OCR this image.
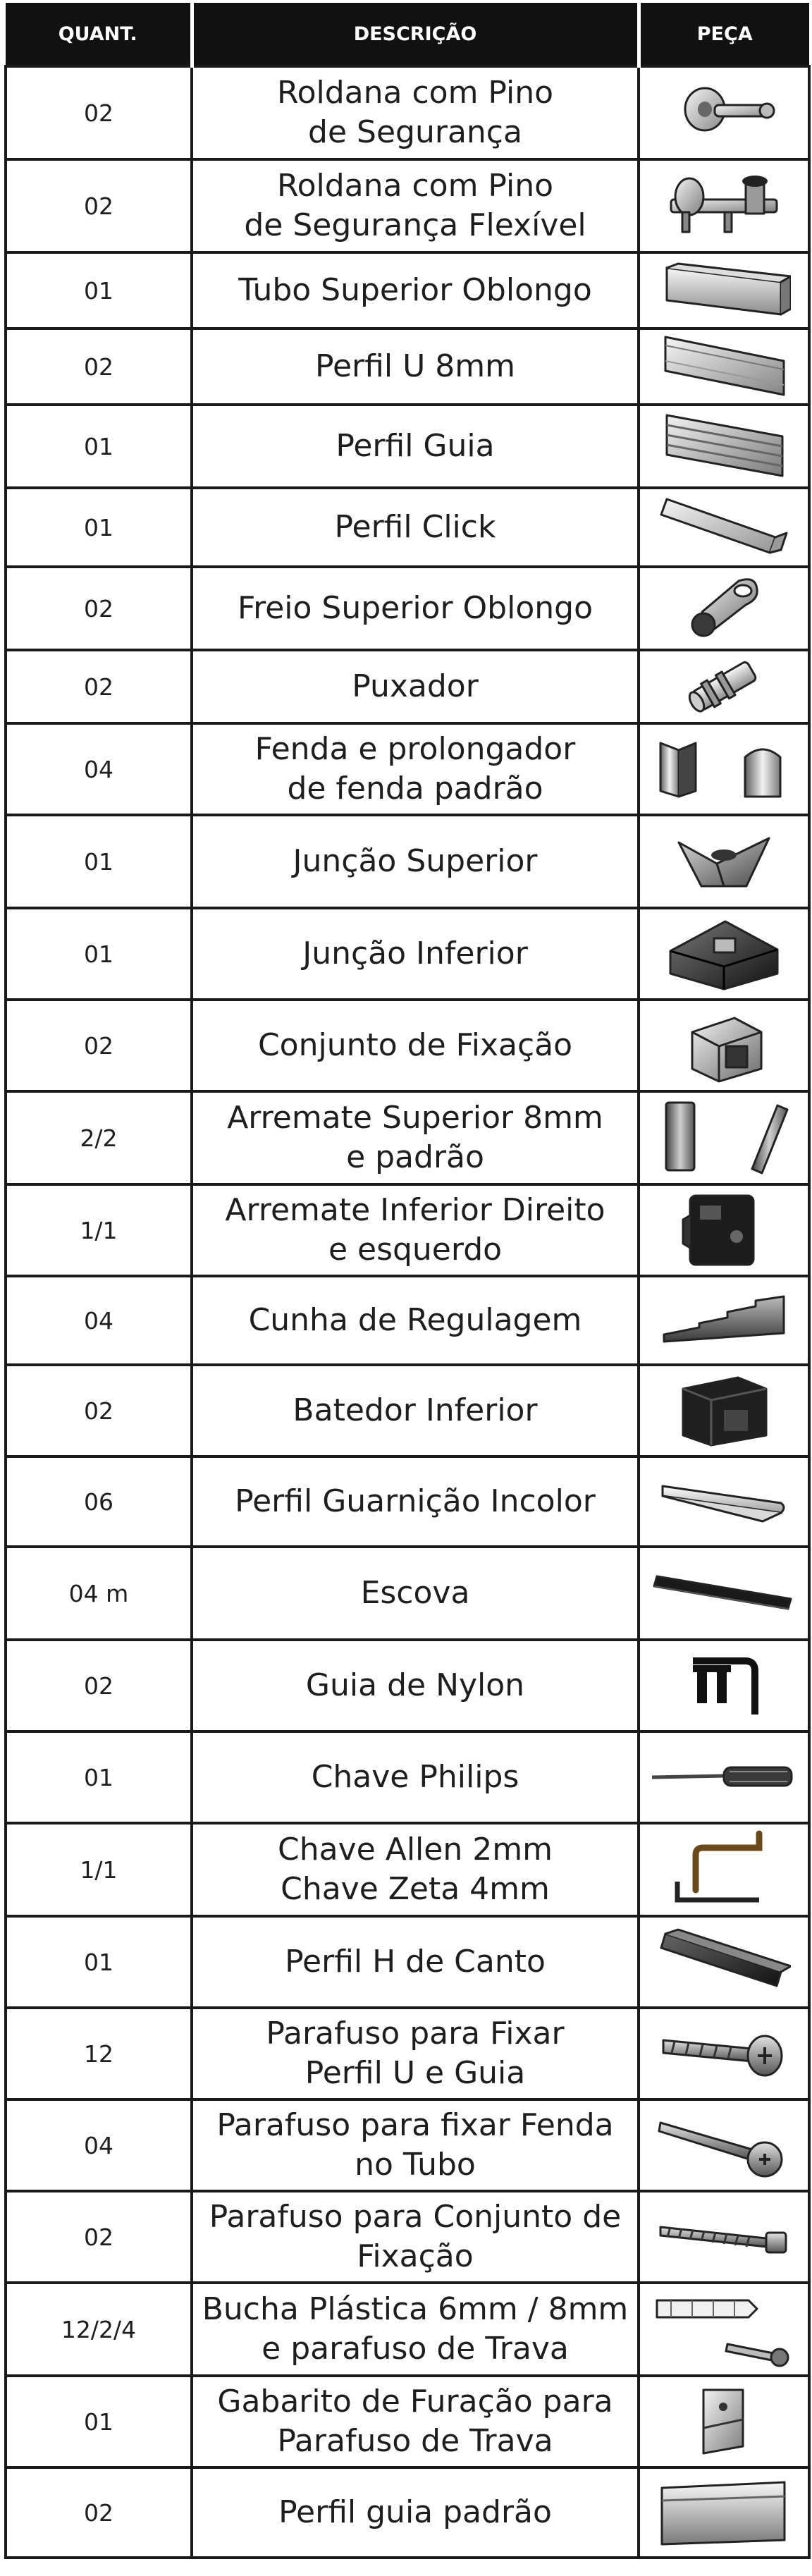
QUANT.	DESCRIÇÃO	PEÇA
02	Roldana com Pino
de Segurança

02	Roldana com Pino
de Segurança Flexível

01	Tubo Superior Oblongo

02	Perfil U 8mm

01	Perfil Guia

01	Perfil Click

02	Freio Superior Oblongo

02	Puxador

04	Fenda e prolongador
de fenda padrão

01	Junção Superior

01	Junção Inferior

02	Conjunto de Fixação

2/2	Arremate Superior 8mm
e padrão

1/1	Arremate Inferior Direito
e esquerdo

04	Cunha de Regulagem

02	Batedor Inferior

06	Perfil Guarnição Incolor

04 m	Escova

02	Guia de Nylon

01	Chave Philips

1/1	Chave Allen 2mm
Chave Zeta 4mm

01	Perfil H de Canto

12	Parafuso para Fixar
Perfil U e Guia

04	Parafuso para fixar Fenda
no Tubo

02	Parafuso para Conjunto de
Fixação

12/2/4	Bucha Plástica 6mm / 8mm
e parafuso de Trava

01	Gabarito de Furação para
Parafuso de Trava

02	Perfil guia padrão
